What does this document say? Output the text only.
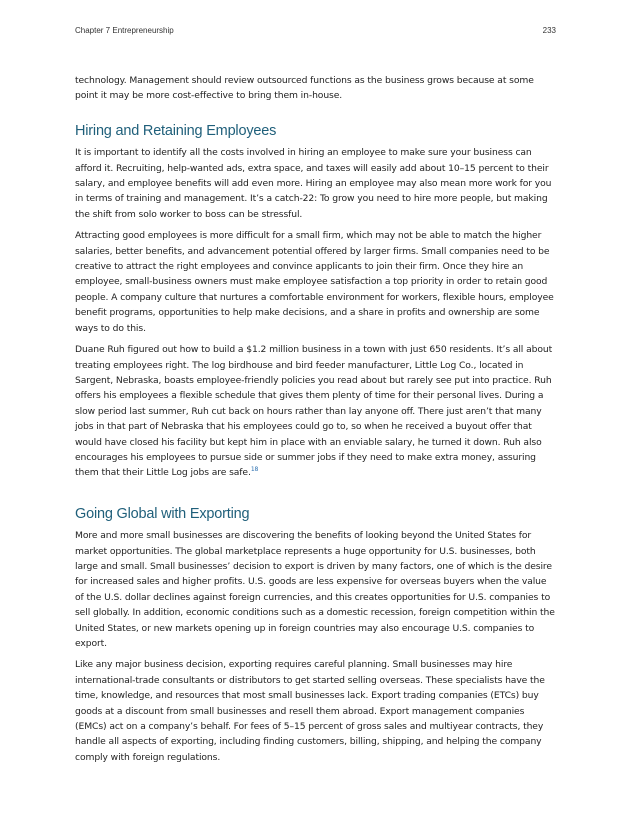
Chapter 7 Entrepreneurship	233

technology. Management should review outsourced functions as the business grows because at some point it may be more cost-effective to bring them in-house.

Hiring and Retaining Employees

It is important to identify all the costs involved in hiring an employee to make sure your business can afford it. Recruiting, help-wanted ads, extra space, and taxes will easily add about 10–15 percent to their salary, and employee benefits will add even more. Hiring an employee may also mean more work for you in terms of training and management. It’s a catch-22: To grow you need to hire more people, but making the shift from solo worker to boss can be stressful.

Attracting good employees is more difficult for a small firm, which may not be able to match the higher salaries, better benefits, and advancement potential offered by larger firms. Small companies need to be creative to attract the right employees and convince applicants to join their firm. Once they hire an employee, small-business owners must make employee satisfaction a top priority in order to retain good people. A company culture that nurtures a comfortable environment for workers, flexible hours, employee benefit programs, opportunities to help make decisions, and a share in profits and ownership are some ways to do this.

Duane Ruh figured out how to build a $1.2 million business in a town with just 650 residents. It’s all about treating employees right. The log birdhouse and bird feeder manufacturer, Little Log Co., located in Sargent, Nebraska, boasts employee-friendly policies you read about but rarely see put into practice. Ruh offers his employees a flexible schedule that gives them plenty of time for their personal lives. During a slow period last summer, Ruh cut back on hours rather than lay anyone off. There just aren’t that many jobs in that part of Nebraska that his employees could go to, so when he received a buyout offer that would have closed his facility but kept him in place with an enviable salary, he turned it down. Ruh also encourages his employees to pursue side or summer jobs if they need to make extra money, assuring them that their Little Log jobs are safe.$^{18}$

Going Global with Exporting

More and more small businesses are discovering the benefits of looking beyond the United States for market opportunities. The global marketplace represents a huge opportunity for U.S. businesses, both large and small. Small businesses’ decision to export is driven by many factors, one of which is the desire for increased sales and higher profits. U.S. goods are less expensive for overseas buyers when the value of the U.S. dollar declines against foreign currencies, and this creates opportunities for U.S. companies to sell globally. In addition, economic conditions such as a domestic recession, foreign competition within the United States, or new markets opening up in foreign countries may also encourage U.S. companies to export.

Like any major business decision, exporting requires careful planning. Small businesses may hire international-trade consultants or distributors to get started selling overseas. These specialists have the time, knowledge, and resources that most small businesses lack. Export trading companies (ETCs) buy goods at a discount from small businesses and resell them abroad. Export management companies (EMCs) act on a company’s behalf. For fees of 5–15 percent of gross sales and multiyear contracts, they handle all aspects of exporting, including finding customers, billing, shipping, and helping the company comply with foreign regulations.
